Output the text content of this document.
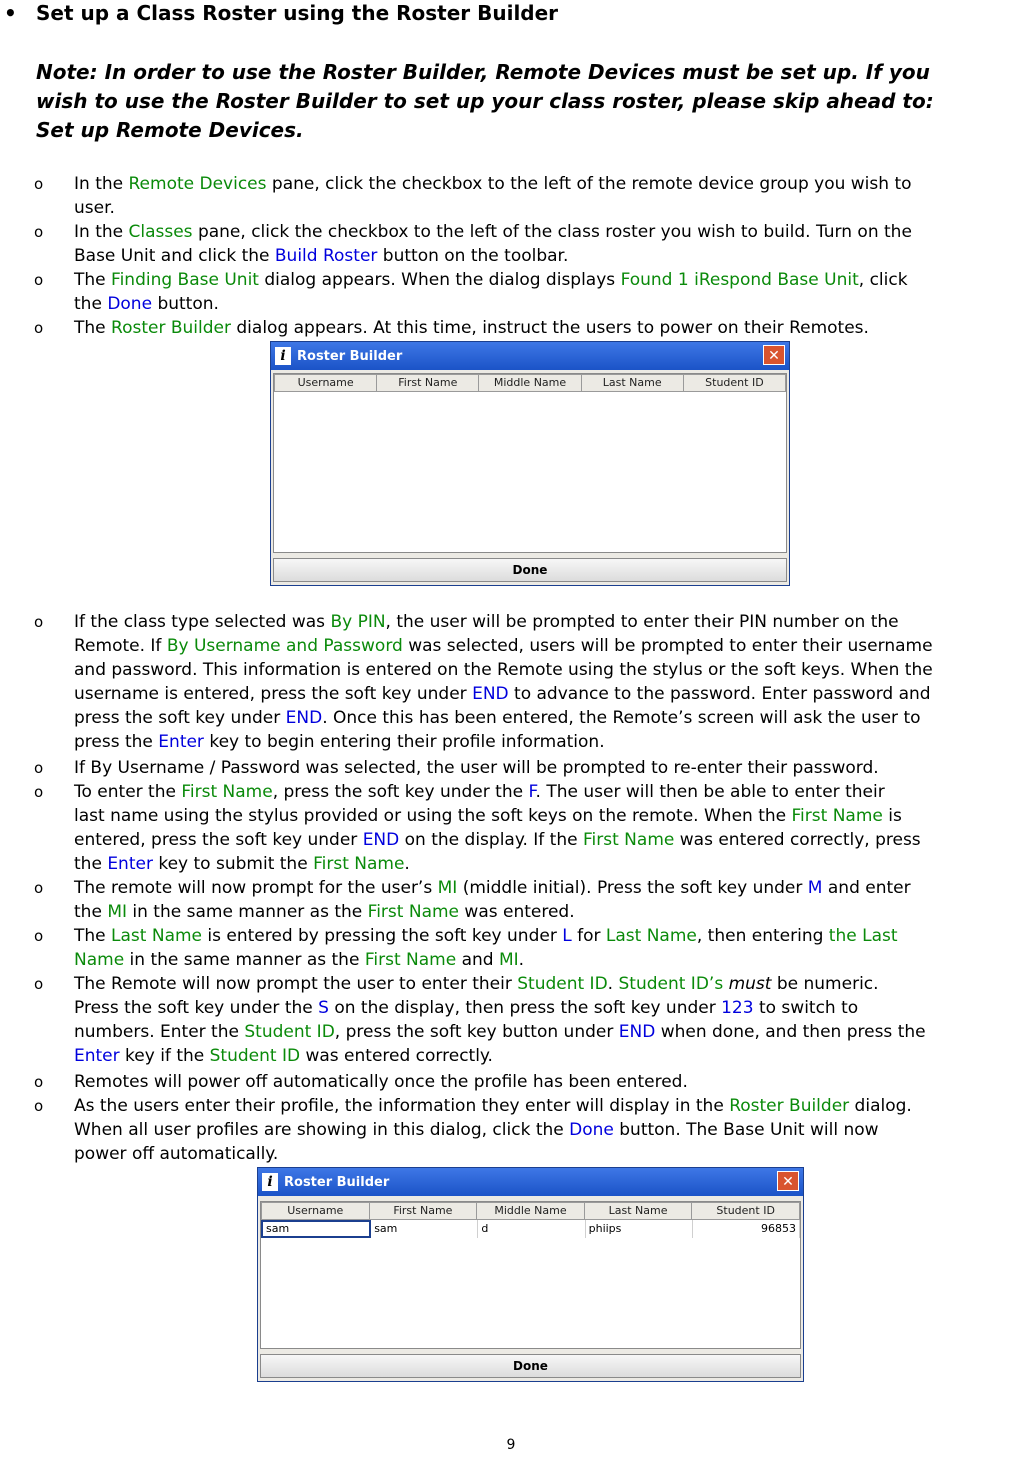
• Set up a Class Roster using the Roster Builder
Note: In order to use the Roster Builder, Remote Devices must be set up. If you
wish to use the Roster Builder to set up your class roster, please skip ahead to:
Set up Remote Devices.
o In the Remote Devices pane, click the checkbox to the left of the remote device group you wish to
user.
o In the Classes pane, click the checkbox to the left of the class roster you wish to build. Turn on the
Base Unit and click the Build Roster button on the toolbar.
o The Finding Base Unit dialog appears. When the dialog displays Found 1 iRespond Base Unit, click
the Done button.
o The Roster Builder dialog appears. At this time, instruct the users to power on their Remotes.
i Roster Builder	✕
Username	First Name	Middle Name	Last Name	Student ID
Done
o If the class type selected was By PIN, the user will be prompted to enter their PIN number on the
Remote. If By Username and Password was selected, users will be prompted to enter their username
and password. This information is entered on the Remote using the stylus or the soft keys. When the
username is entered, press the soft key under END to advance to the password. Enter password and
press the soft key under END. Once this has been entered, the Remote’s screen will ask the user to
press the Enter key to begin entering their profile information.
o If By Username / Password was selected, the user will be prompted to re-enter their password.
o To enter the First Name, press the soft key under the F. The user will then be able to enter their
last name using the stylus provided or using the soft keys on the remote. When the First Name is
entered, press the soft key under END on the display. If the First Name was entered correctly, press
the Enter key to submit the First Name.
o The remote will now prompt for the user’s MI (middle initial). Press the soft key under M and enter
the MI in the same manner as the First Name was entered.
o The Last Name is entered by pressing the soft key under L for Last Name, then entering the Last
Name in the same manner as the First Name and MI.
o The Remote will now prompt the user to enter their Student ID. Student ID’s must be numeric.
Press the soft key under the S on the display, then press the soft key under 123 to switch to
numbers. Enter the Student ID, press the soft key button under END when done, and then press the
Enter key if the Student ID was entered correctly.
o Remotes will power off automatically once the profile has been entered.
o As the users enter their profile, the information they enter will display in the Roster Builder dialog.
When all user profiles are showing in this dialog, click the Done button. The Base Unit will now
power off automatically.
i Roster Builder	✕
Username	First Name	Middle Name	Last Name	Student ID
sam	sam	d	phiips	96853
Done
9
